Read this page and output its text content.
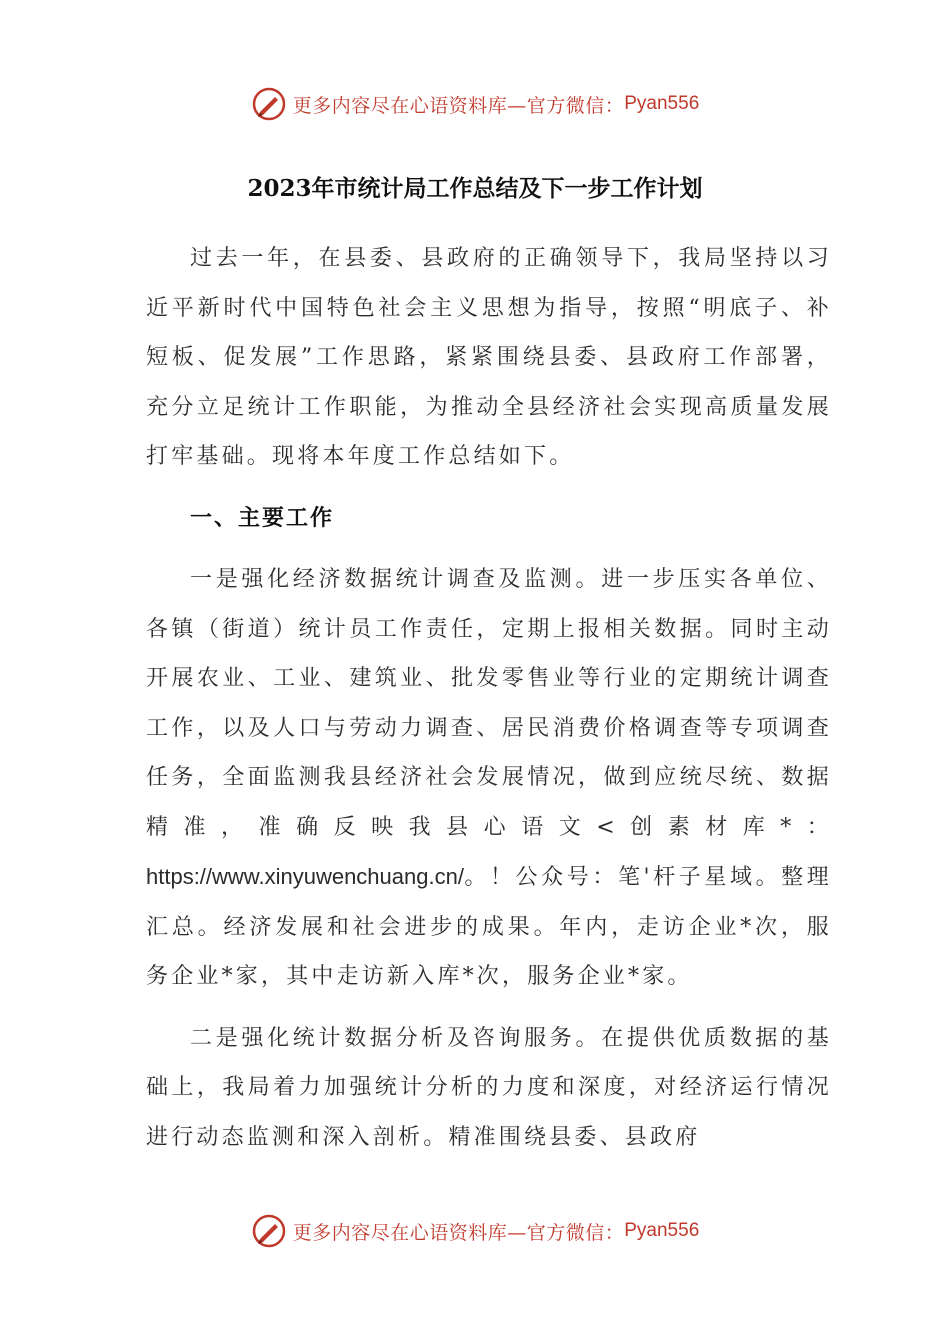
更多内容尽在心语资料库—官方微信： Pyan556
2023年市统计局工作总结及下一步工作计划

过去一年，在县委、县政府的正确领导下，我局坚持以习近平新时代中国特色社会主义思想为指导，按照“明底子、补短板、促发展”工作思路，紧紧围绕县委、县政府工作部署，充分立足统计工作职能，为推动全县经济社会实现高质量发展打牢基础。现将本年度工作总结如下。

一、主要工作

一是强化经济数据统计调查及监测。进一步压实各单位、各镇（街道）统计员工作责任，定期上报相关数据。同时主动开展农业、工业、建筑业、批发零售业等行业的定期统计调查工作，以及人口与劳动力调查、居民消费价格调查等专项调查任务，全面监测我县经济社会发展情况，做到应统尽统、数据精准，准确反映我县心语文<创素材库*：https://www.xinyuwenchuang.cn/。！公众号：笔'杆子星域。整理汇总。经济发展和社会进步的成果。年内，走访企业*次，服务企业*家，其中走访新入库*次，服务企业*家。

二是强化统计数据分析及咨询服务。在提供优质数据的基础上，我局着力加强统计分析的力度和深度，对经济运行情况进行动态监测和深入剖析。精准围绕县委、县政府

更多内容尽在心语资料库—官方微信： Pyan556
